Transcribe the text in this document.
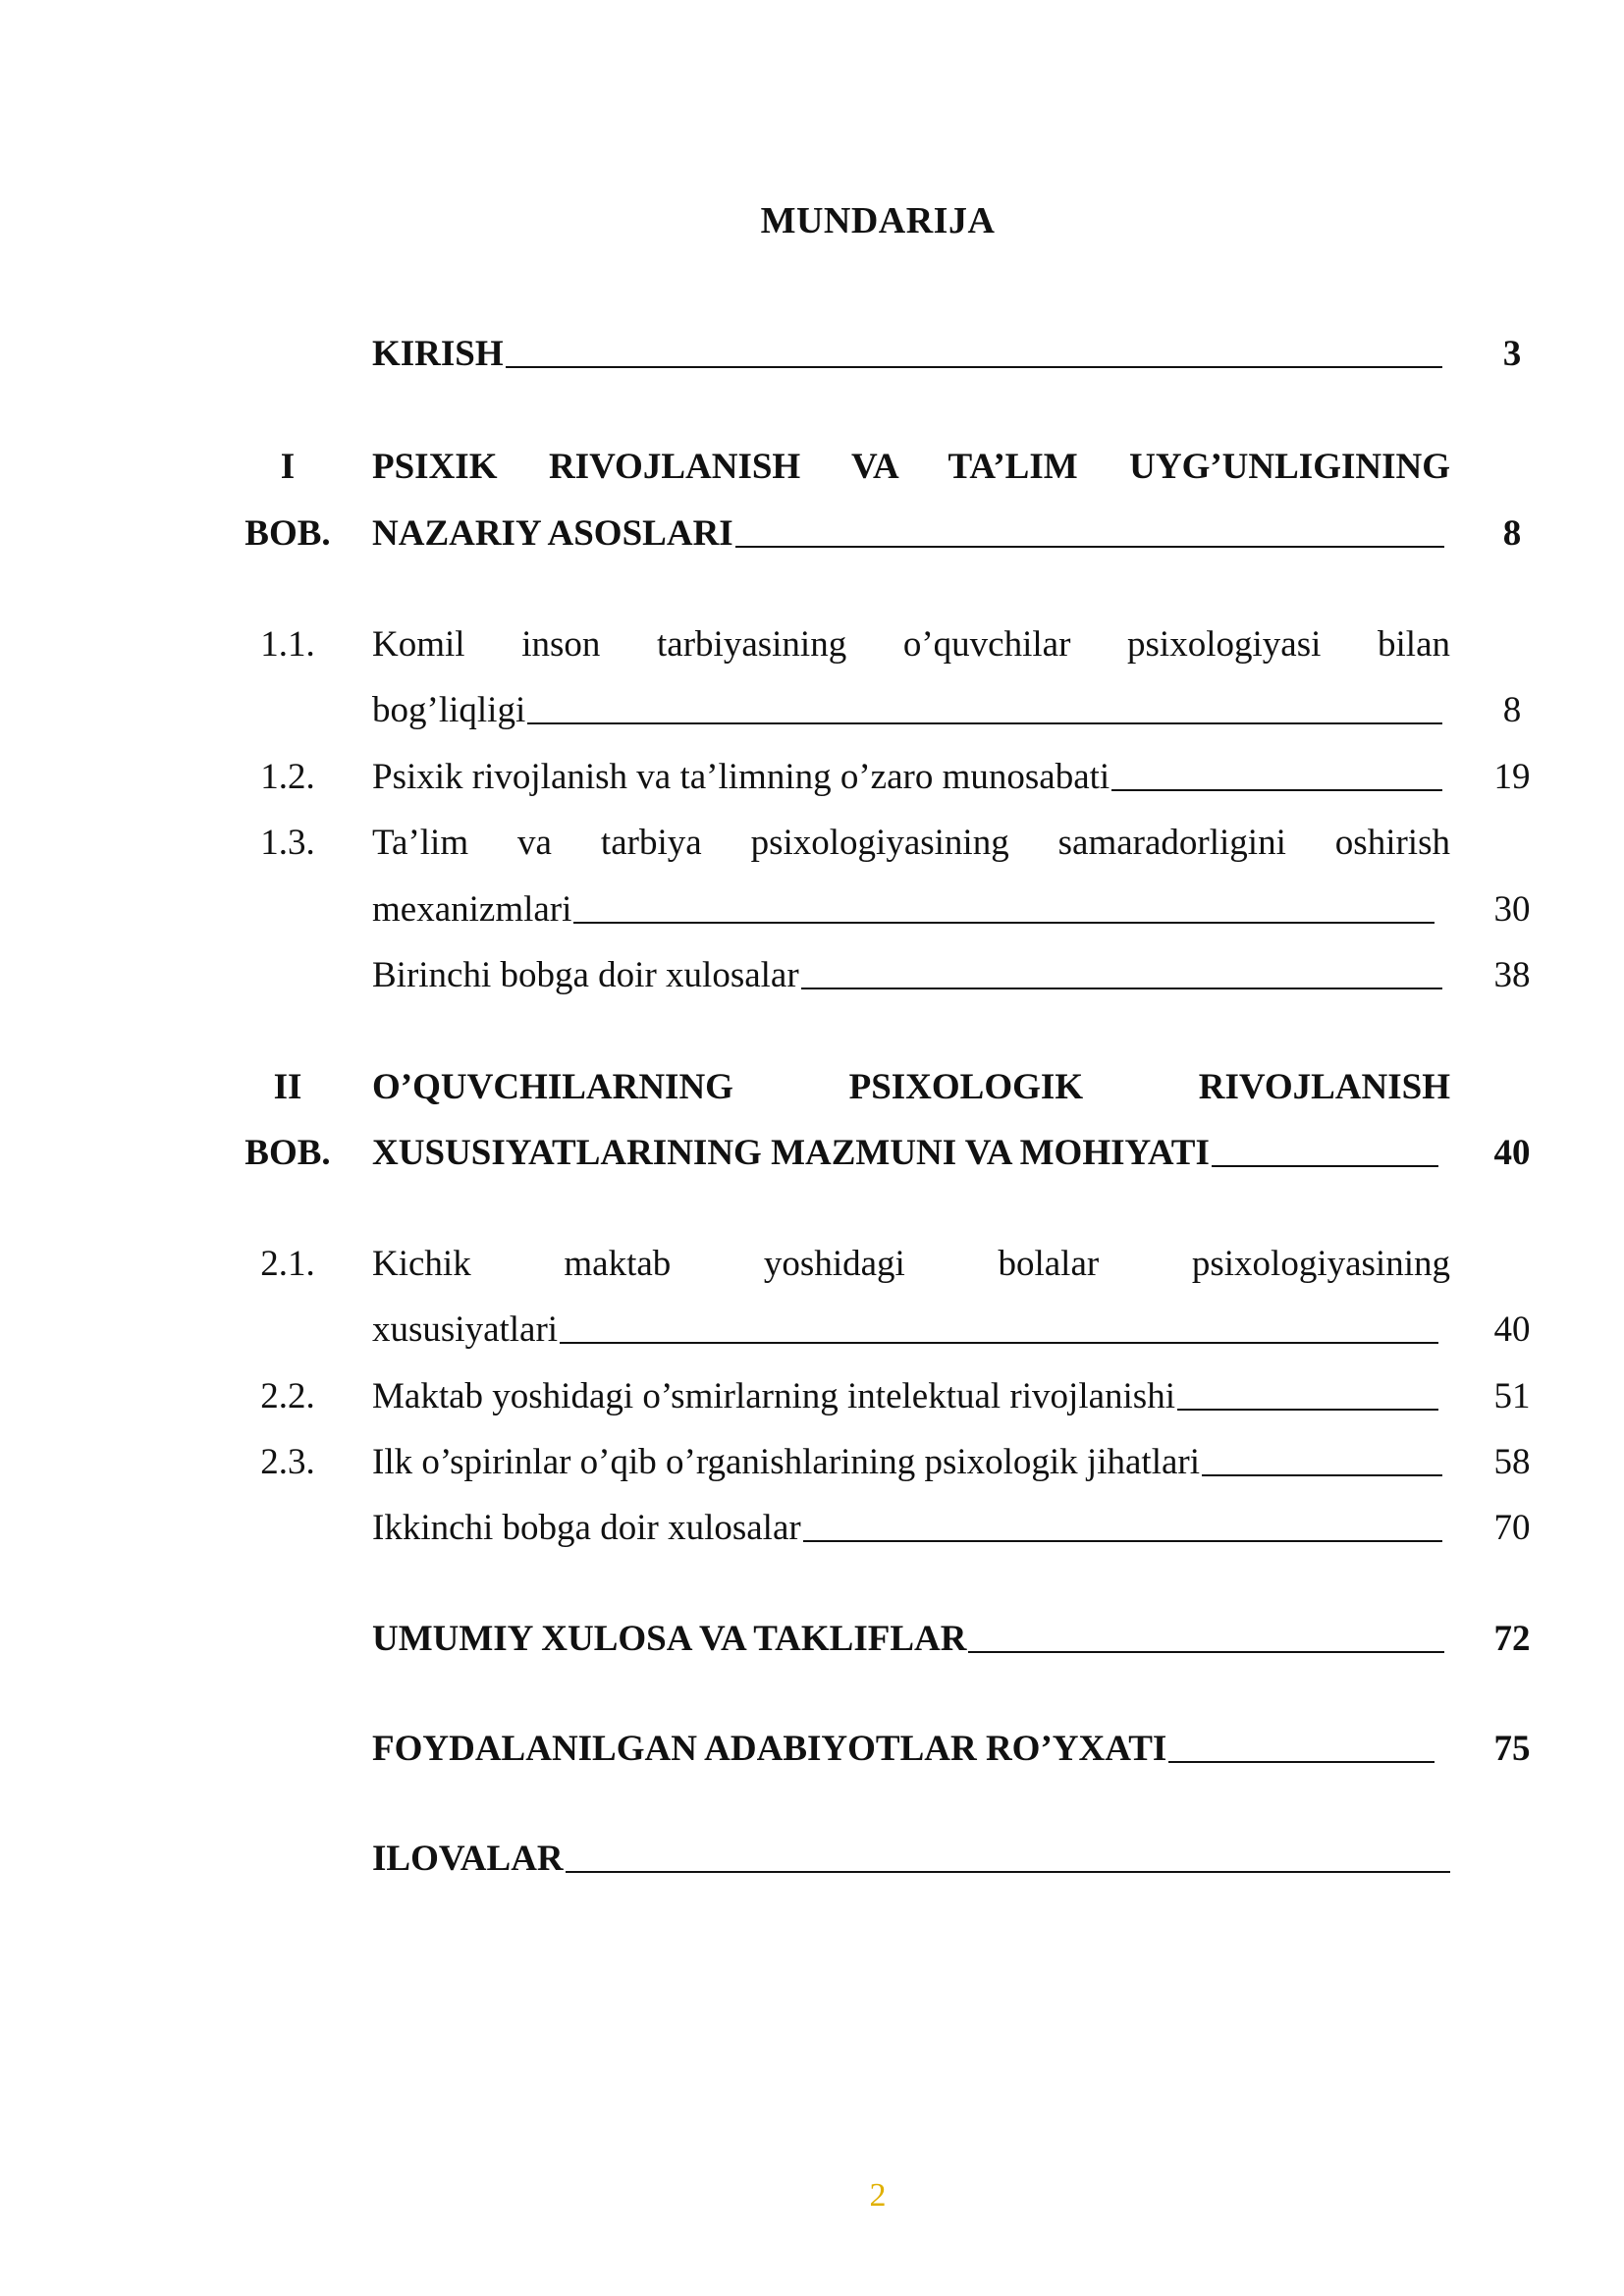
MUNDARIJA
KIRISH	3
I	PSIXIK RIVOJLANISH VA TA’LIM UYG’UNLIGINING
BOB.	NAZARIY ASOSLARI	8
1.1.	Komil inson tarbiyasining o’quvchilar psixologiyasi bilan
bog’liqligi	8
1.2.	Psixik rivojlanish va ta’limning o’zaro munosabati	19
1.3.	Ta’lim va tarbiya psixologiyasining samaradorligini oshirish
mexanizmlari	30
Birinchi bobga doir xulosalar	38
II	O’QUVCHILARNING PSIXOLOGIK RIVOJLANISH
BOB.	XUSUSIYATLARINING MAZMUNI VA MOHIYATI	40
2.1.	Kichik maktab yoshidagi bolalar psixologiyasining
xususiyatlari	40
2.2.	Maktab yoshidagi o’smirlarning intelektual rivojlanishi	51
2.3.	Ilk o’spirinlar o’qib o’rganishlarining psixologik jihatlari	58
Ikkinchi bobga doir xulosalar	70
UMUMIY XULOSA VA TAKLIFLAR	72
FOYDALANILGAN ADABIYOTLAR RO’YXATI	75
ILOVALAR
2
